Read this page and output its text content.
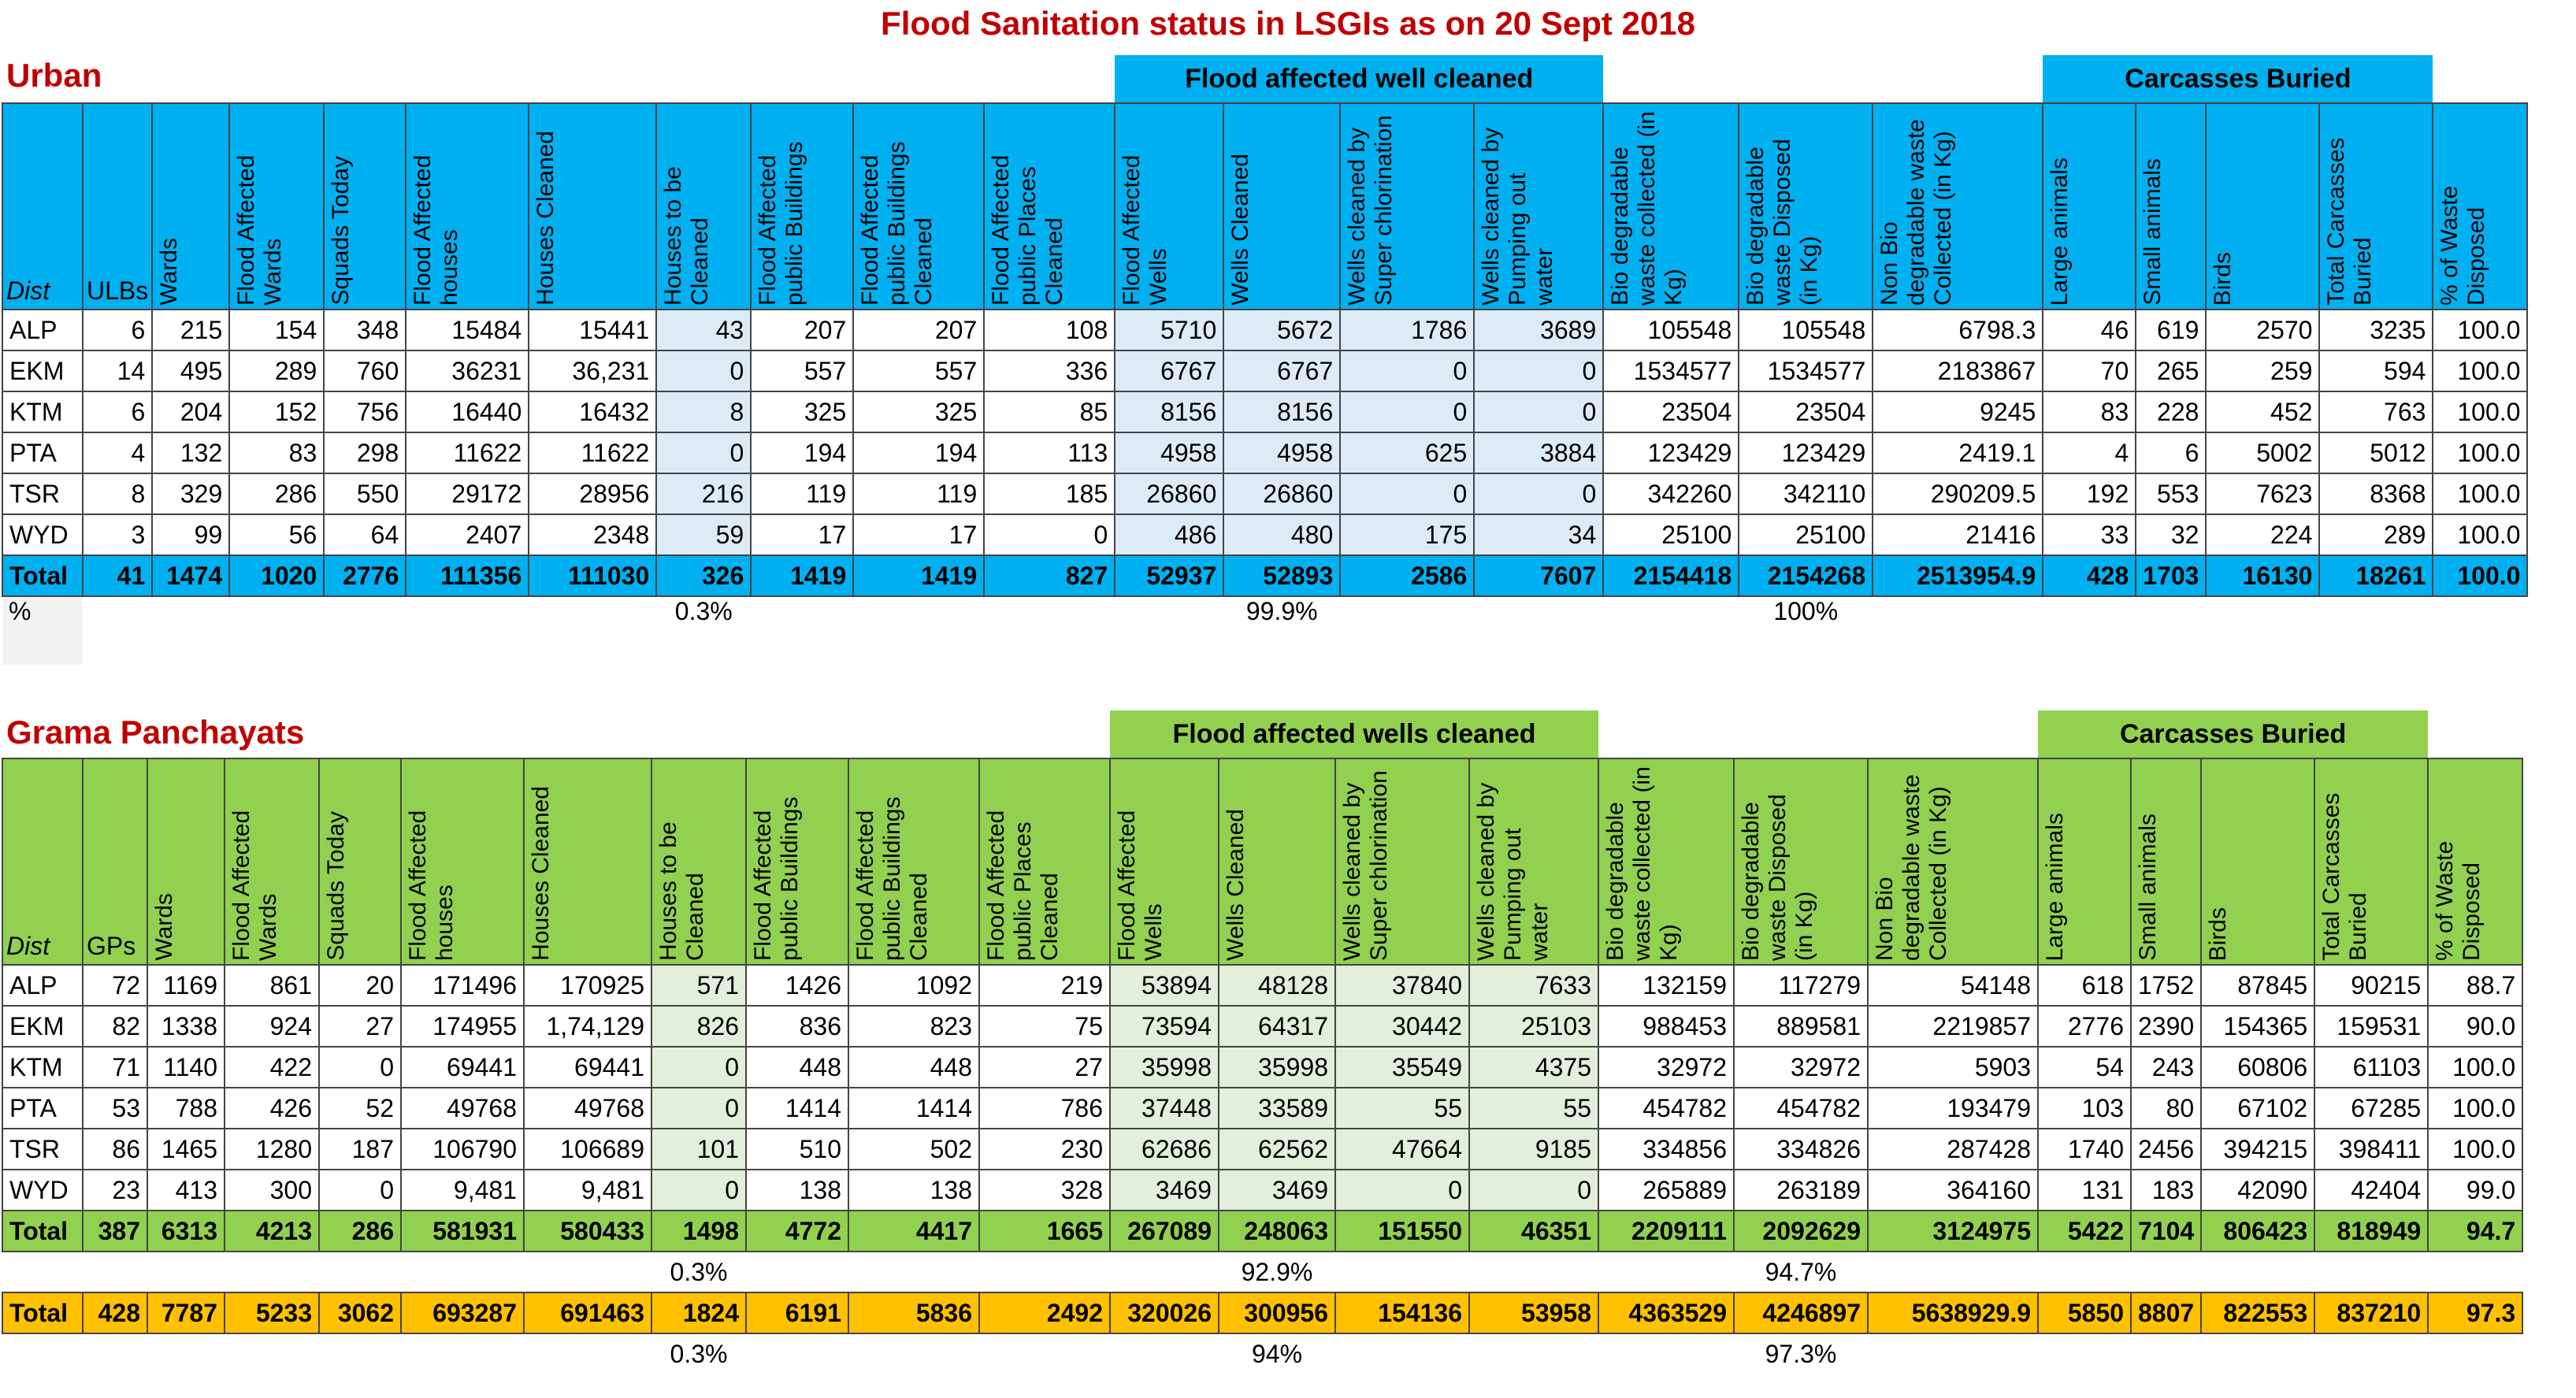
Flood Sanitation status in LSGIs as on 20 Sept 2018
Urban
											Flood affected well cleaned							Carcasses Buried				

Dist	ULBs	Wards	Flood Affected Wards	Squads Today	Flood Affected houses	Houses Cleaned	Houses to be Cleaned	Flood Affected public Buildings	Flood Affected public Buildings Cleaned	Flood Affected public Places Cleaned	Flood Affected Wells	Wells Cleaned	Wells cleaned by Super chlorination	Wells cleaned by Pumping out water	Bio degradable waste collected (in Kg)	Bio degradable waste Disposed (in Kg)	Non Bio degradable waste Collected (in Kg)	Large animals	Small animals	Birds	Total Carcasses Buried	% of Waste Disposed

ALP	6	215	154	348	15484	15441	43	207	207	108	5710	5672	1786	3689	105548	105548	6798.3	46	619	2570	3235	100.0
EKM	14	495	289	760	36231	36,231	0	557	557	336	6767	6767	0	0	1534577	1534577	2183867	70	265	259	594	100.0
KTM	6	204	152	756	16440	16432	8	325	325	85	8156	8156	0	0	23504	23504	9245	83	228	452	763	100.0
PTA	4	132	83	298	11622	11622	0	194	194	113	4958	4958	625	3884	123429	123429	2419.1	4	6	5002	5012	100.0
TSR	8	329	286	550	29172	28956	216	119	119	185	26860	26860	0	0	342260	342110	290209.5	192	553	7623	8368	100.0
WYD	3	99	56	64	2407	2348	59	17	17	0	486	480	175	34	25100	25100	21416	33	32	224	289	100.0
Total	41	1474	1020	2776	111356	111030	326	1419	1419	827	52937	52893	2586	7607	2154418	2154268	2513954.9	428	1703	16130	18261	100.0
%							0.3%					99.9%				100%						
Grama Panchayats
											Flood affected wells cleaned							Carcasses Buried				

Dist	GPs	Wards	Flood Affected Wards	Squads Today	Flood Affected houses	Houses Cleaned	Houses to be Cleaned	Flood Affected public Buildings	Flood Affected public Buildings Cleaned	Flood Affected public Places Cleaned	Flood Affected Wells	Wells Cleaned	Wells cleaned by Super chlorination	Wells cleaned by Pumping out water	Bio degradable waste collected (in Kg)	Bio degradable waste Disposed (in Kg)	Non Bio degradable waste Collected (in Kg)	Large animals	Small animals	Birds	Total Carcasses Buried	% of Waste Disposed

ALP	72	1169	861	20	171496	170925	571	1426	1092	219	53894	48128	37840	7633	132159	117279	54148	618	1752	87845	90215	88.7
EKM	82	1338	924	27	174955	1,74,129	826	836	823	75	73594	64317	30442	25103	988453	889581	2219857	2776	2390	154365	159531	90.0
KTM	71	1140	422	0	69441	69441	0	448	448	27	35998	35998	35549	4375	32972	32972	5903	54	243	60806	61103	100.0
PTA	53	788	426	52	49768	49768	0	1414	1414	786	37448	33589	55	55	454782	454782	193479	103	80	67102	67285	100.0
TSR	86	1465	1280	187	106790	106689	101	510	502	230	62686	62562	47664	9185	334856	334826	287428	1740	2456	394215	398411	100.0
WYD	23	413	300	0	9,481	9,481	0	138	138	328	3469	3469	0	0	265889	263189	364160	131	183	42090	42404	99.0
Total	387	6313	4213	286	581931	580433	1498	4772	4417	1665	267089	248063	151550	46351	2209111	2092629	3124975	5422	7104	806423	818949	94.7
							0.3%					92.9%				94.7%						
Total	428	7787	5233	3062	693287	691463	1824	6191	5836	2492	320026	300956	154136	53958	4363529	4246897	5638929.9	5850	8807	822553	837210	97.3
							0.3%					94%				97.3%						
